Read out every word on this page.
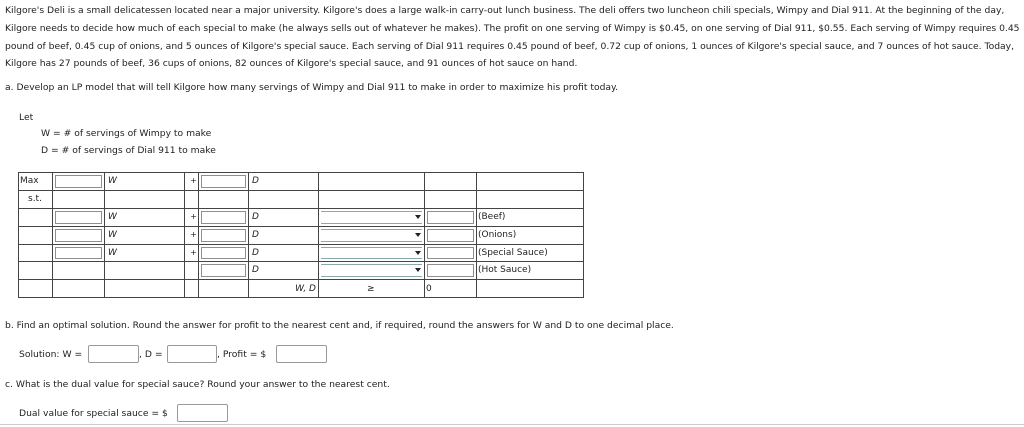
Kilgore's Deli is a small delicatessen located near a major university. Kilgore's does a large walk-in carry-out lunch business. The deli offers two luncheon chili specials, Wimpy and Dial 911. At the beginning of the day, Kilgore needs to decide how much of each special to make (he always sells out of whatever he makes). The profit on one serving of Wimpy is $0.45, on one serving of Dial 911, $0.55. Each serving of Wimpy requires 0.45 pound of beef, 0.45 cup of onions, and 5 ounces of Kilgore's special sauce. Each serving of Dial 911 requires 0.45 pound of beef, 0.72 cup of onions, 1 ounces of Kilgore's special sauce, and 7 ounces of hot sauce. Today, Kilgore has 27 pounds of beef, 36 cups of onions, 82 ounces of Kilgore's special sauce, and 91 ounces of hot sauce on hand.
a. Develop an LP model that will tell Kilgore how many servings of Wimpy and Dial 911 to make in order to maximize his profit today.
Let
W = # of servings of Wimpy to make
D = # of servings of Dial 911 to make
Max		W	+		D			

s.t.								

		W	+		D			(Beef)

		W	+		D			(Onions)

		W	+		D			(Special Sauce)

					D			(Hot Sauce)

					W, D	≥	0	

b. Find an optimal solution. Round the answer for profit to the nearest cent and, if required, round the answers for W and D to one decimal place.
Solution: W =	, D =	, Profit = $
c. What is the dual value for special sauce? Round your answer to the nearest cent.
Dual value for special sauce = $
